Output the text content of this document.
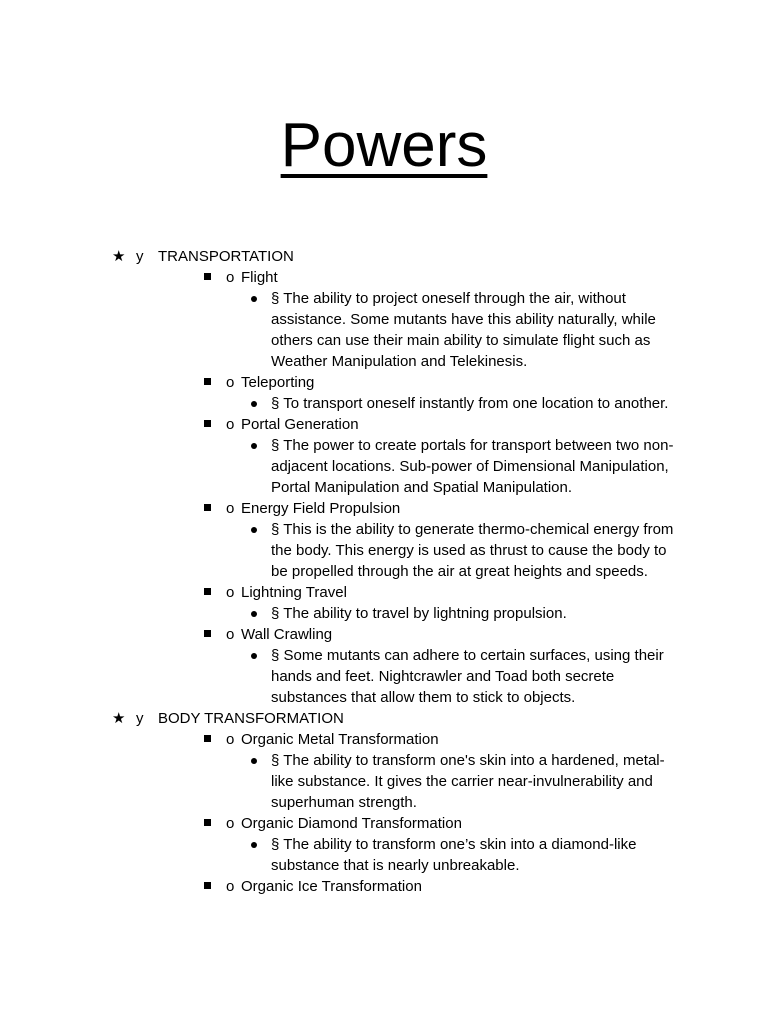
Powers
★ y TRANSPORTATION
o Flight
§ The ability to project oneself through the air, without assistance. Some mutants have this ability naturally, while others can use their main ability to simulate flight such as Weather Manipulation and Telekinesis.
o Teleporting
§ To transport oneself instantly from one location to another.
o Portal Generation
§ The power to create portals for transport between two non-adjacent locations. Sub-power of Dimensional Manipulation, Portal Manipulation and Spatial Manipulation.
o Energy Field Propulsion
§ This is the ability to generate thermo-chemical energy from the body. This energy is used as thrust to cause the body to be propelled through the air at great heights and speeds.
o Lightning Travel
§ The ability to travel by lightning propulsion.
o Wall Crawling
§ Some mutants can adhere to certain surfaces, using their hands and feet. Nightcrawler and Toad both secrete substances that allow them to stick to objects.
★ y BODY TRANSFORMATION
o Organic Metal Transformation
§ The ability to transform one's skin into a hardened, metal-like substance. It gives the carrier near-invulnerability and superhuman strength.
o Organic Diamond Transformation
§ The ability to transform one’s skin into a diamond-like substance that is nearly unbreakable.
o Organic Ice Transformation
